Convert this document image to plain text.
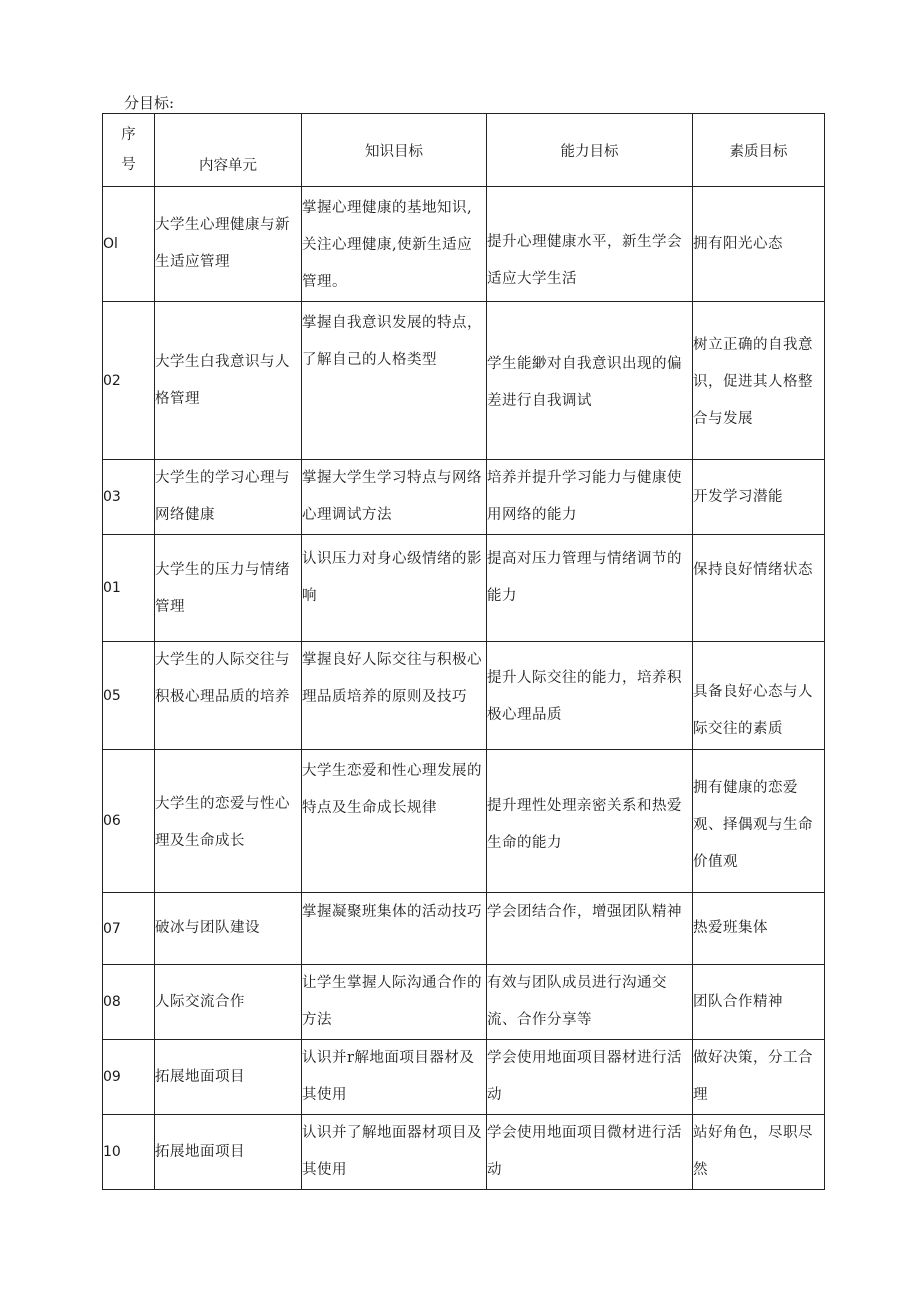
分目标:
序
号	内容单元	知识目标	能力目标	素质目标
Ol	大学生心理健康与新生适应管理	掌握心理健康的基地知识,关注心理健康,使新生适应管理。	提升心理健康水平，新生学会适应大学生活	拥有阳光心态

02	大学生白我意识与人格管理	掌握自我意识发展的特点，了解自己的人格类型	学生能緲对自我意识出现的偏差进行自我调试	树立正确的自我意识，促进其人格整合与发展

03	大学生的学习心理与网络健康	掌握大学生学习特点与网络心理调试方法	培养并提升学习能力与健康使用网络的能力	开发学习潜能

01	大学生的压力与情绪管理	认识压力对身心级情绪的影响	提高对压力管理与情绪调节的能力	保持良好情绪状态

05	大学生的人际交往与积极心理品质的培养	掌握良好人际交往与积极心理品质培养的原则及技巧	提升人际交往的能力，培养积极心理品质	具备良好心态与人际交往的素质

06	大学生的恋爱与性心理及生命成长	大学生恋爱和性心理发展的特点及生命成长规律	提升理性处理亲密关系和热爱生命的能力	拥有健康的恋爱观、择偶观与生命价值观

07	破冰与团队建设	掌握凝聚班集体的活动技巧	学会团结合作，增强团队精神	热爱班集体

08	人际交流合作	让学生掌握人际沟通合作的方法	有效与团队成员进行沟通交流、合作分享等	团队合作精神

09	拓展地面项目	认识并r解地面项目器材及其使用	学会使用地面项目器材进行活动	做好决策，分工合理

10	拓展地面项目	认识并了解地面器材项目及其使用	学会使用地面项目微材进行活动	站好角色，尽职尽然
